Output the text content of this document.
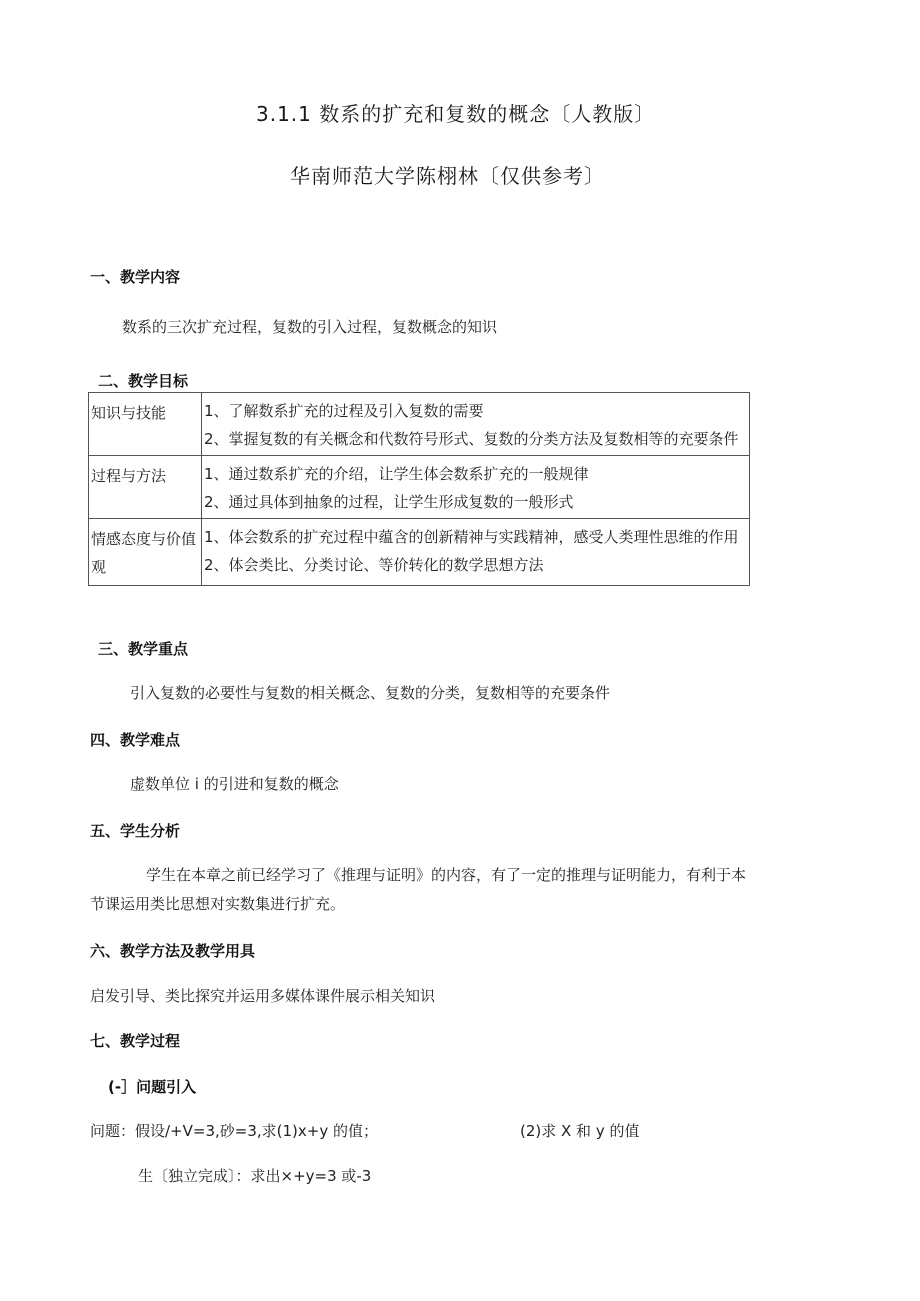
3.1.1 数系的扩充和复数的概念〔人教版〕
华南师范大学陈栩林〔仅供参考〕
一、教学内容
数系的三次扩充过程，复数的引入过程，复数概念的知识
二、教学目标
知识与技能	1、了解数系扩充的过程及引入复数的需要
2、掌握复数的有关概念和代数符号形式、复数的分类方法及复数相等的充要条件

过程与方法	1、通过数系扩充的介绍，让学生体会数系扩充的一般规律
2、通过具体到抽象的过程，让学生形成复数的一般形式

情感态度与价值观	1、体会数系的扩充过程中蕴含的创新精神与实践精神，感受人类理性思维的作用
2、体会类比、分类讨论、等价转化的数学思想方法
三、教学重点
引入复数的必要性与复数的相关概念、复数的分类，复数相等的充要条件
四、教学难点
虚数单位 i 的引进和复数的概念
五、学生分析
学生在本章之前已经学习了《推理与证明》的内容，有了一定的推理与证明能力，有利于本
节课运用类比思想对实数集进行扩充。
六、教学方法及教学用具
启发引导、类比探究并运用多媒体课件展示相关知识
七、教学过程
(-］问题引入
问题：假设/+V=3,砂=3,求(1)x+y 的值；	(2)求 X 和 y 的值
生〔独立完成〕：求出×+y=3 或-3
